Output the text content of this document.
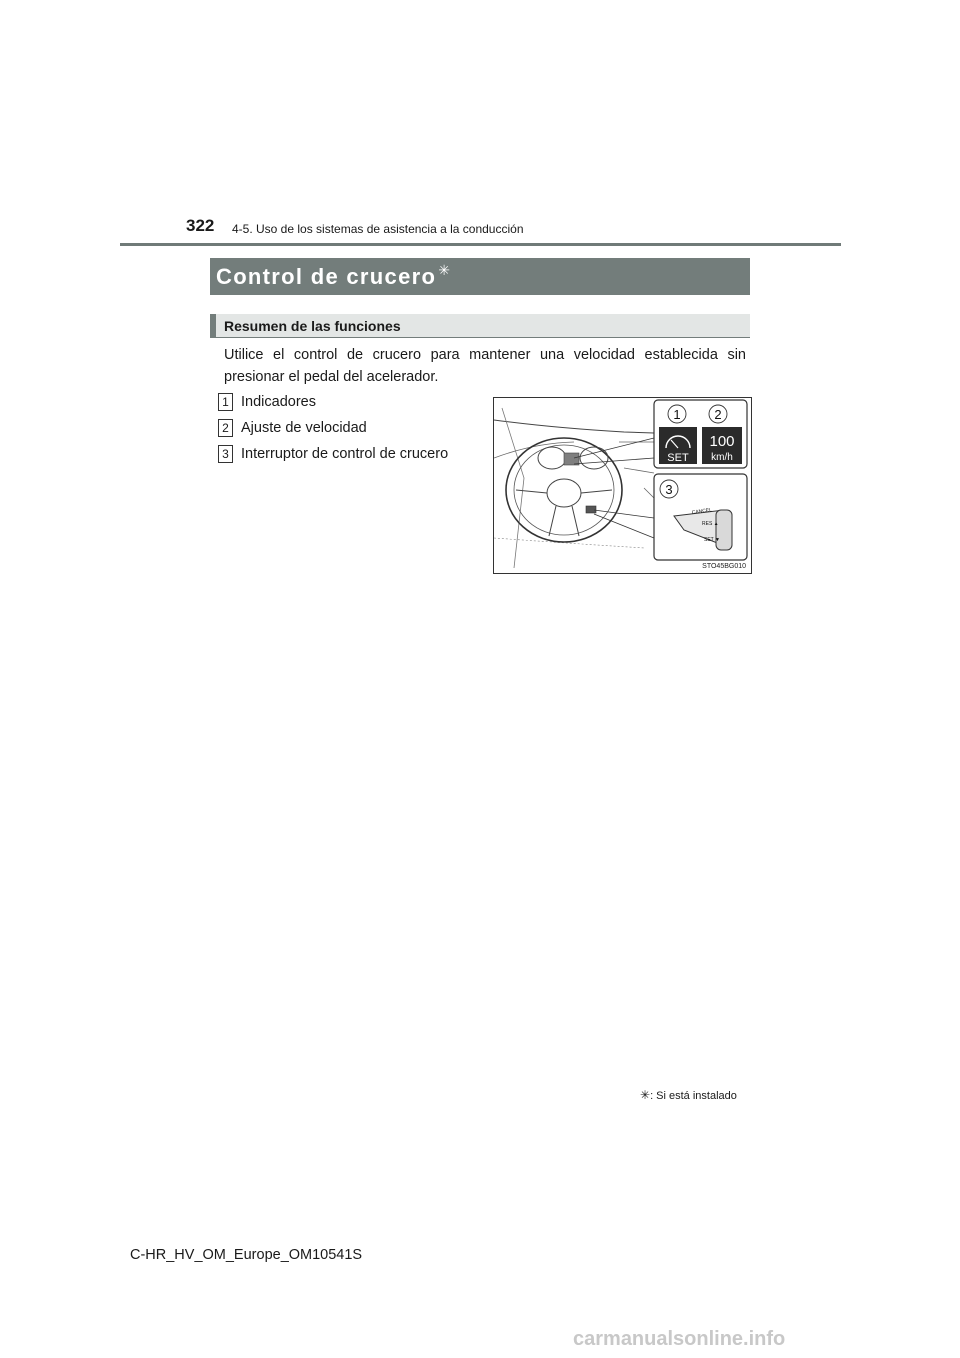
322 4-5. Uso de los sistemas de asistencia a la conducción
Control de crucero ✳
Resumen de las funciones
Utilice el control de crucero para mantener una velocidad establecida sin presionar el pedal del acelerador.
1 Indicadores
2 Ajuste de velocidad
3 Interruptor de control de crucero
1	2
SET
100
km/h
3
CANCEL
RES ▲
SET ▼
STO45BG010
✳: Si está instalado
C-HR_HV_OM_Europe_OM10541S
carmanualsonline.info
